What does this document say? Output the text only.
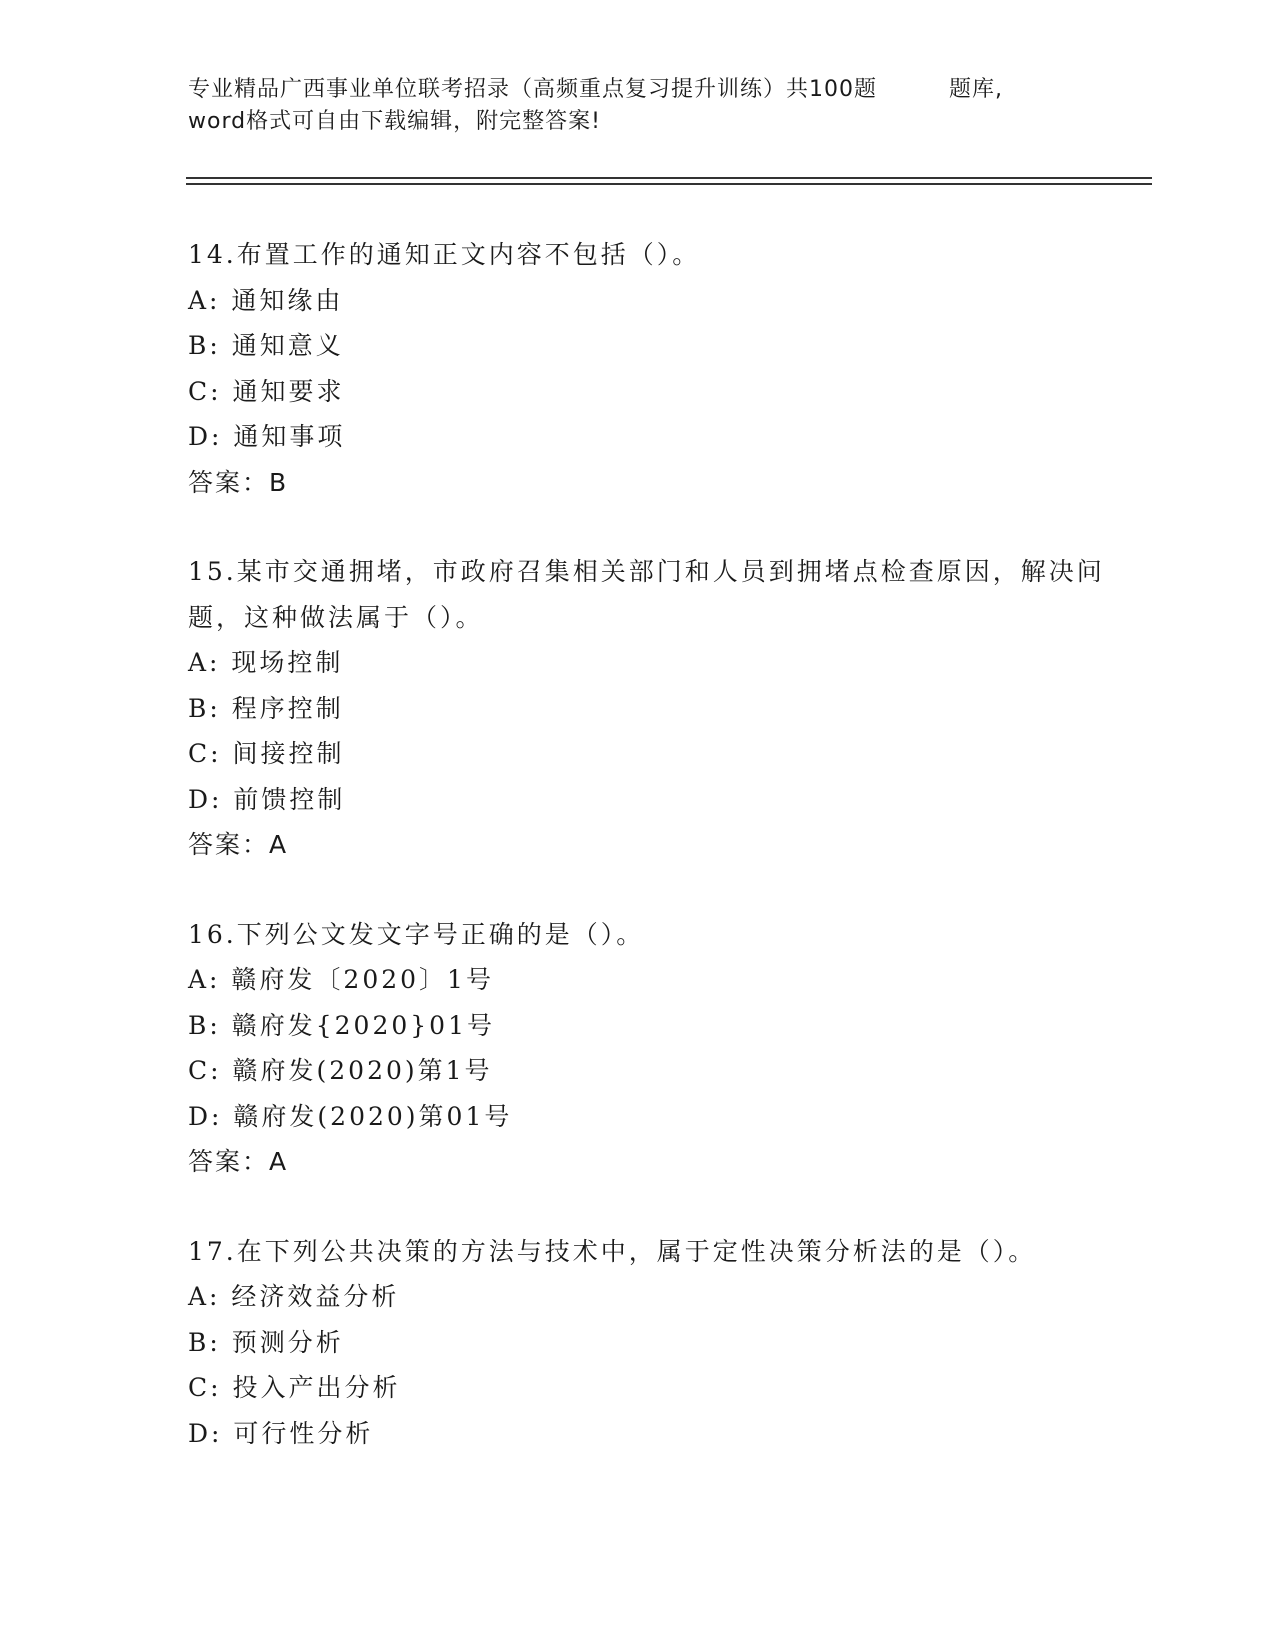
专业精品广西事业单位联考招录（高频重点复习提升训练）共100题	题库,
word格式可自由下载编辑，附完整答案!
14.布置工作的通知正文内容不包括（）。
A: 通知缘由
B: 通知意义
C: 通知要求
D: 通知事项
答案：B
15.某市交通拥堵，市政府召集相关部门和人员到拥堵点检查原因，解决问题，这种做法属于（）。
A: 现场控制
B: 程序控制
C: 间接控制
D: 前馈控制
答案：A
16.下列公文发文字号正确的是（）。
A: 赣府发〔2020〕1号
B: 赣府发{2020}01号
C: 赣府发(2020)第1号
D: 赣府发(2020)第01号
答案：A
17.在下列公共决策的方法与技术中，属于定性决策分析法的是（）。
A: 经济效益分析
B: 预测分析
C: 投入产出分析
D: 可行性分析
